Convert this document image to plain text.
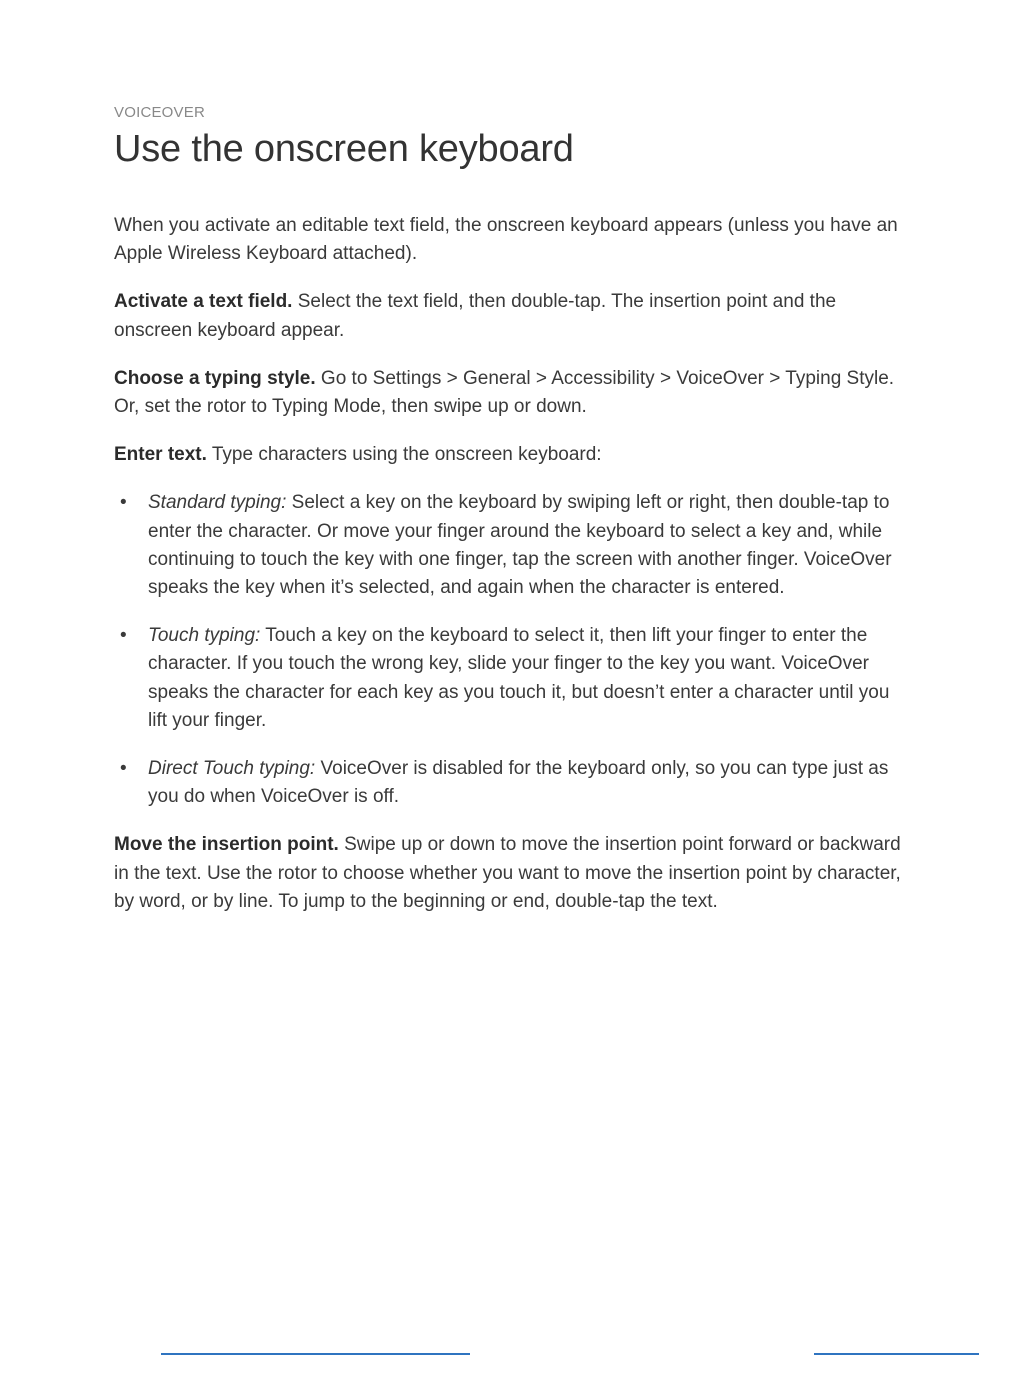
VOICEOVER
Use the onscreen keyboard

When you activate an editable text field, the onscreen keyboard appears (unless you have an Apple Wireless Keyboard attached).

Activate a text field. Select the text field, then double-tap. The insertion point and the onscreen keyboard appear.

Choose a typing style. Go to Settings > General > Accessibility > VoiceOver > Typing Style. Or, set the rotor to Typing Mode, then swipe up or down.

Enter text. Type characters using the onscreen keyboard:

• Standard typing: Select a key on the keyboard by swiping left or right, then double-tap to enter the character. Or move your finger around the keyboard to select a key and, while continuing to touch the key with one finger, tap the screen with another finger. VoiceOver speaks the key when it’s selected, and again when the character is entered.
• Touch typing: Touch a key on the keyboard to select it, then lift your finger to enter the character. If you touch the wrong key, slide your finger to the key you want. VoiceOver speaks the character for each key as you touch it, but doesn’t enter a character until you lift your finger.
• Direct Touch typing: VoiceOver is disabled for the keyboard only, so you can type just as you do when VoiceOver is off.

Move the insertion point. Swipe up or down to move the insertion point forward or backward in the text. Use the rotor to choose whether you want to move the insertion point by character, by word, or by line. To jump to the beginning or end, double-tap the text.
